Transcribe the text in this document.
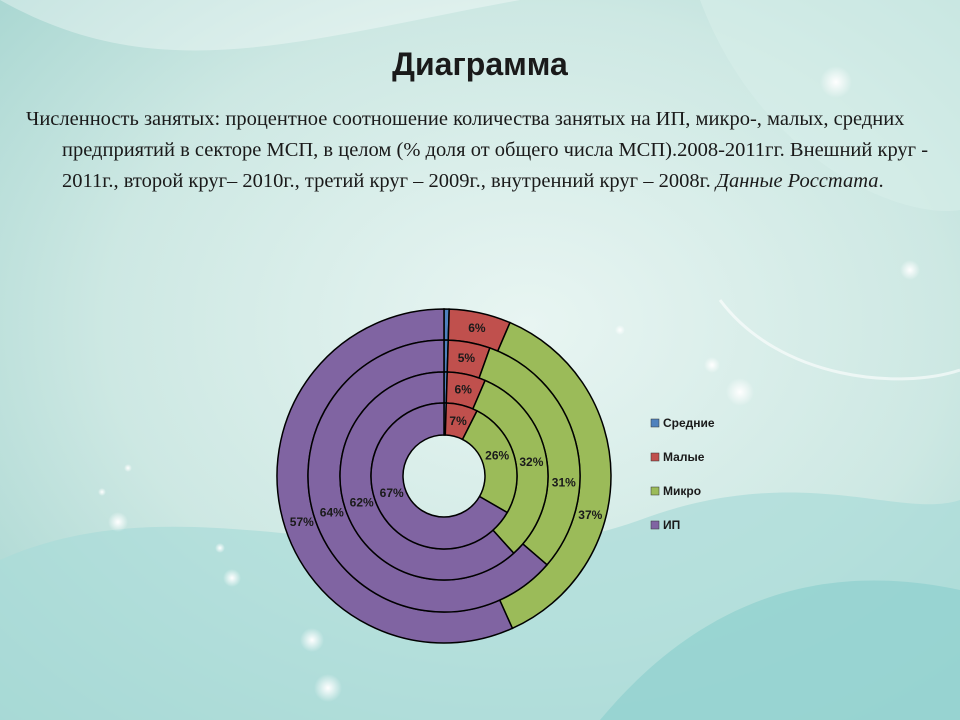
Диаграмма
Численность занятых: процентное соотношение количества занятых на ИП, микро-, малых, средних предприятий в секторе МСП, в целом (% доля от общего числа МСП).2008-2011гг. Внешний круг - 2011г., второй круг– 2010г., третий круг – 2009г., внутренний круг – 2008г. Данные Росстата.
6%
37%
57%
5%
31%
64%
6%
32%
62%
7%
26%
67%
Средние
Малые
Микро
ИП
